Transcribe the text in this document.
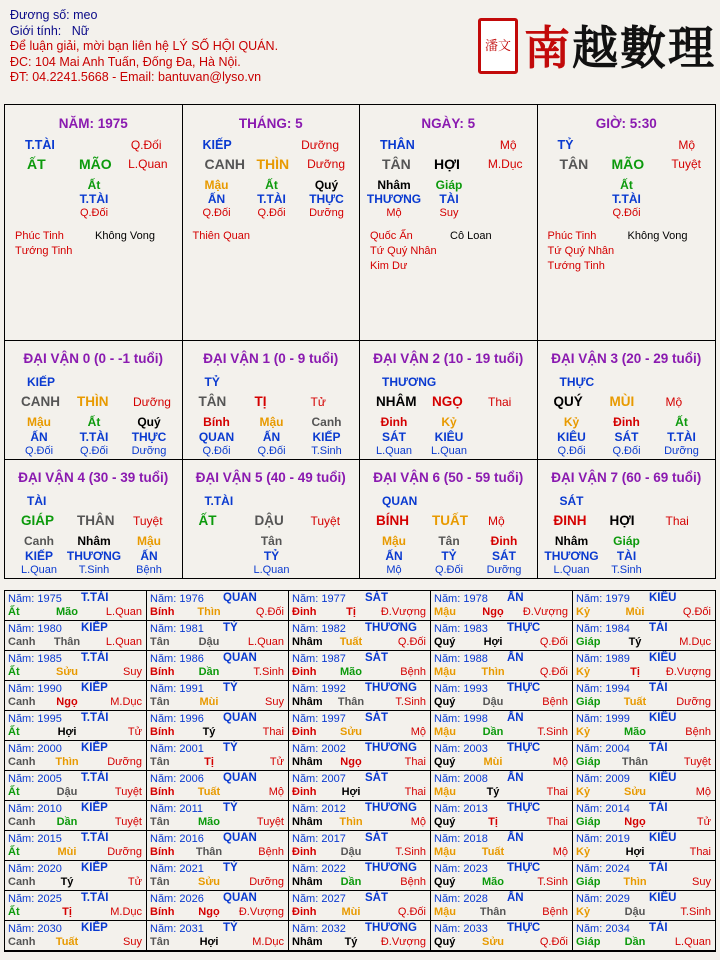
Đương số: meo
Giới tính: Nữ
Để luận giải, mời bạn liên hệ LÝ SỐ HỘI QUÁN.
ĐC: 104 Mai Anh Tuấn, Đống Đa, Hà Nội.
ĐT: 04.2241.5668 - Email: bantuvan@lyso.vn
潘文 南越數理
NĂM: 1975
T.TÀI	Q.Đối
ẤT MÃO L.Quan
Ất
T.TÀI
Q.Đối
Phúc Tinh
Tướng Tinh
Không Vong
THÁNG: 5
KIẾP	Dưỡng
CANH THÌN Dưỡng
Mậu
ẤN
Q.Đối
Ất
T.TÀI
Q.Đối
Quý
THỰC
Dưỡng
Thiên Quan
NGÀY: 5
THÂN	Mộ
TÂN HỢI M.Dục
Nhâm
THƯƠNG
Mộ
Giáp
TÀI
Suy
Quốc Ấn
Tứ Quý Nhân
Kim Dư
Cô Loan
GIỜ: 5:30
TỶ	Mộ
TÂN MÃO Tuyệt
Ất
T.TÀI
Q.Đối
Phúc Tinh
Tứ Quý Nhân
Tướng Tinh
Không Vong
ĐẠI VẬN 0 (0 - -1 tuổi)
KIẾP
CANH THÌN Dưỡng
Mậu
ẤN
Q.Đối
Ất
T.TÀI
Q.Đối
Quý
THỰC
Dưỡng
ĐẠI VẬN 1 (0 - 9 tuổi)
TỶ
TÂN TỊ	Tử
Bính
QUAN
Q.Đối
Mậu
ẤN
Q.Đối
Canh
KIẾP
T.Sinh
ĐẠI VẬN 2 (10 - 19 tuổi)
THƯƠNG
NHÂM NGỌ Thai
Đinh
SÁT
L.Quan
Kỷ
KIÊU
L.Quan
ĐẠI VẬN 3 (20 - 29 tuổi)
THỰC
QUÝ MÙI	Mộ
Kỷ
KIÊU
Q.Đối
Đinh
SÁT
Q.Đối
Ất
T.TÀI
Dưỡng
ĐẠI VẬN 4 (30 - 39 tuổi)
TÀI
GIÁP THÂN Tuyệt
Canh
KIẾP
L.Quan
Nhâm
THƯƠNG
T.Sinh
Mậu
ẤN
Bệnh
ĐẠI VẬN 5 (40 - 49 tuổi)
T.TÀI
ẤT	DẬU Tuyệt
Tân
TỶ
L.Quan
ĐẠI VẬN 6 (50 - 59 tuổi)
QUAN
BÍNH TUẤT Mộ
Mậu
ẤN
Mộ
Tân
TỶ
Q.Đối
Đinh
SÁT
Dưỡng
ĐẠI VẬN 7 (60 - 69 tuổi)
SÁT
ĐINH HỢI	Thai
Nhâm
THƯƠNG
L.Quan
Giáp
TÀI
T.Sinh
Năm: 1975 T.TÀI
Ất	Mão	L.Quan
Năm: 1976 QUAN
Bính Thìn	Q.Đối
Năm: 1977 SÁT
Đinh	Tị Đ.Vượng
Năm: 1978 ẤN
Mậu Ngọ Đ.Vượng
Năm: 1979 KIÊU
Kỷ	Mùi	Q.Đối
Năm: 1980 KIẾP
Canh Thân L.Quan
Năm: 1981 TỶ
Tân	Dậu	L.Quan
Năm: 1982 THƯƠNG
Nhâm Tuất	Q.Đối
Năm: 1983 THỰC
Quý	Hợi	Q.Đối
Năm: 1984 TÀI
Giáp	Tý	M.Dục
Năm: 1985 T.TÀI
Ất	Sửu	Suy
Năm: 1986 QUAN
Bính Dần	T.Sinh
Năm: 1987 SÁT
Đinh Mão	Bệnh
Năm: 1988 ẤN
Mậu Thìn	Q.Đối
Năm: 1989 KIÊU
Kỷ	Tị Đ.Vượng
Năm: 1990 KIẾP
Canh Ngọ	M.Dục
Năm: 1991 TỶ
Tân	Mùi	Suy
Năm: 1992 THƯƠNG
Nhâm Thân	T.Sinh
Năm: 1993 THỰC
Quý Dậu	Bệnh
Năm: 1994 TÀI
Giáp Tuất	Dưỡng
Năm: 1995 T.TÀI
Ất	Hợi	Tử
Năm: 1996 QUAN
Bính	Tý	Thai
Năm: 1997 SÁT
Đinh Sửu	Mộ
Năm: 1998 ẤN
Mậu Dần	T.Sinh
Năm: 1999 KIÊU
Kỷ	Mão	Bệnh
Năm: 2000 KIẾP
Canh Thìn	Dưỡng
Năm: 2001 TỶ
Tân	Tị	Tử
Năm: 2002 THƯƠNG
Nhâm Ngọ	Thai
Năm: 2003 THỰC
Quý	Mùi	Mộ
Năm: 2004 TÀI
Giáp Thân	Tuyệt
Năm: 2005 T.TÀI
Ất	Dậu	Tuyệt
Năm: 2006 QUAN
Bính Tuất	Mộ
Năm: 2007 SÁT
Đinh Hợi	Thai
Năm: 2008 ẤN
Mậu	Tý	Thai
Năm: 2009 KIÊU
Kỷ	Sửu	Mộ
Năm: 2010 KIẾP
Canh Dần	Tuyệt
Năm: 2011 TỶ
Tân	Mão	Tuyệt
Năm: 2012 THƯƠNG
Nhâm Thìn	Mộ
Năm: 2013 THỰC
Quý	Tị	Thai
Năm: 2014 TÀI
Giáp Ngọ	Tử
Năm: 2015 T.TÀI
Ất	Mùi	Dưỡng
Năm: 2016 QUAN
Bính Thân	Bệnh
Năm: 2017 SÁT
Đinh Dậu	T.Sinh
Năm: 2018 ẤN
Mậu Tuất	Mộ
Năm: 2019 KIÊU
Kỷ	Hợi	Thai
Năm: 2020 KIẾP
Canh Tý	Tử
Năm: 2021 TỶ
Tân	Sửu	Dưỡng
Năm: 2022 THƯƠNG
Nhâm Dần	Bệnh
Năm: 2023 THỰC
Quý Mão	T.Sinh
Năm: 2024 TÀI
Giáp Thìn	Suy
Năm: 2025 T.TÀI
Ất	Tị	M.Dục
Năm: 2026 QUAN
Bính Ngọ Đ.Vượng
Năm: 2027 SÁT
Đinh Mùi	Q.Đối
Năm: 2028 ẤN
Mậu Thân	Bệnh
Năm: 2029 KIÊU
Kỷ	Dậu	T.Sinh
Năm: 2030 KIẾP
Canh Tuất	Suy
Năm: 2031 TỶ
Tân	Hợi	M.Dục
Năm: 2032 THƯƠNG
Nhâm Tý Đ.Vượng
Năm: 2033 THỰC
Quý Sửu	Q.Đối
Năm: 2034 TÀI
Giáp Dần	L.Quan
